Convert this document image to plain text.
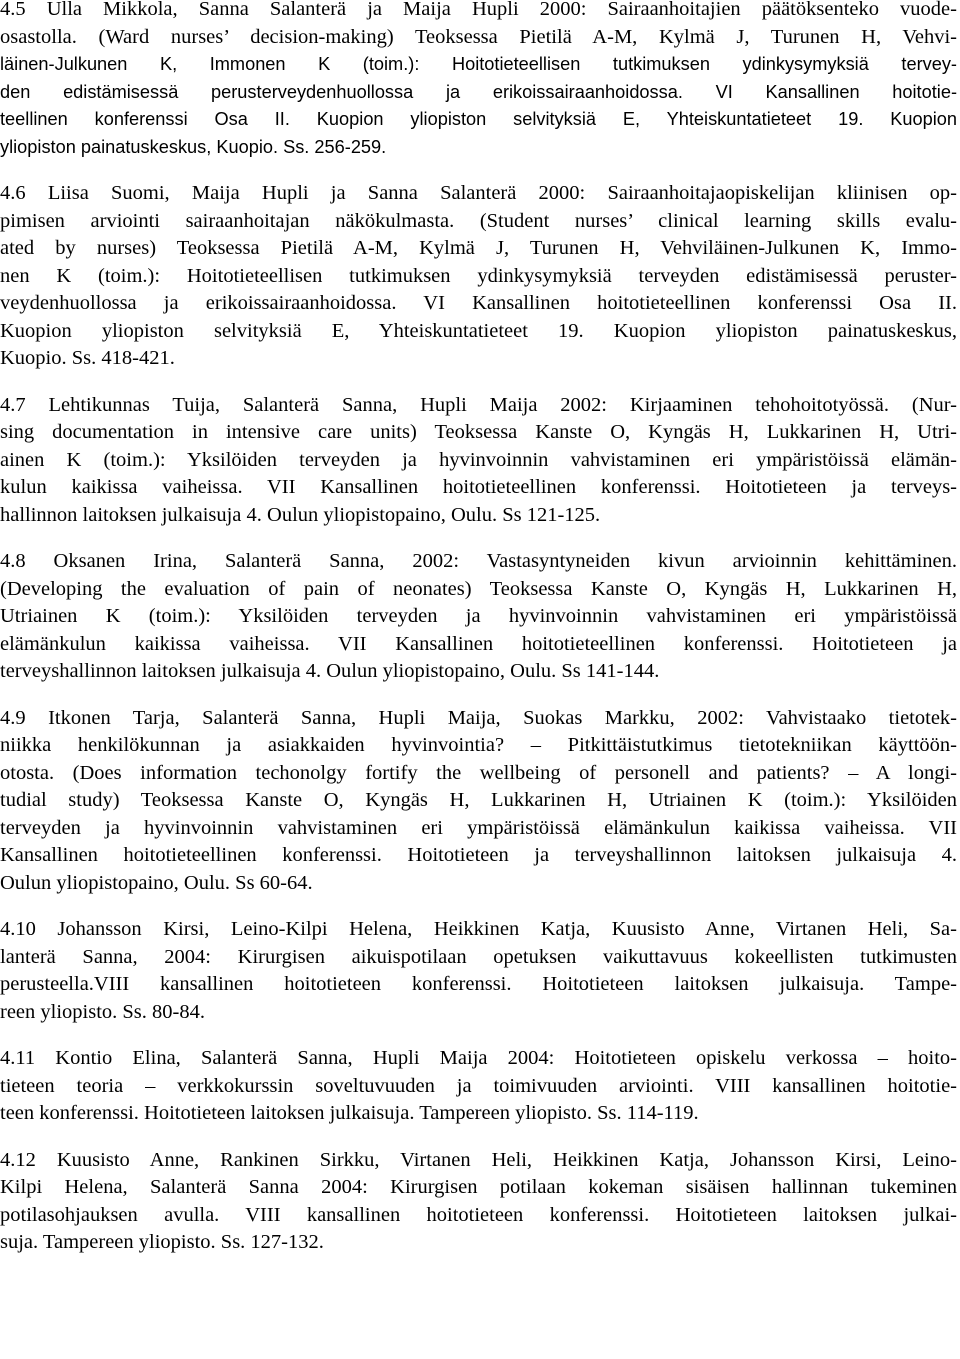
4.5 Ulla Mikkola, Sanna Salanterä ja Maija Hupli 2000: Sairaanhoitajien päätöksenteko vuode-
osastolla. (Ward nurses’ decision-making) Teoksessa Pietilä A-M, Kylmä J, Turunen H, Vehvi-
läinen-Julkunen K, Immonen K (toim.): Hoitotieteellisen tutkimuksen ydinkysymyksiä tervey-
den edistämisessä perusterveydenhuollossa ja erikoissairaanhoidossa. VI Kansallinen hoitotie-
teellinen konferenssi Osa II. Kuopion yliopiston selvityksiä E, Yhteiskuntatieteet 19. Kuopion
yliopiston painatuskeskus, Kuopio. Ss. 256-259.
4.6 Liisa Suomi, Maija Hupli ja Sanna Salanterä 2000: Sairaanhoitajaopiskelijan kliinisen op-
pimisen arviointi sairaanhoitajan näkökulmasta. (Student nurses’ clinical learning skills evalu-
ated by nurses) Teoksessa Pietilä A-M, Kylmä J, Turunen H, Vehviläinen-Julkunen K, Immo-
nen K (toim.): Hoitotieteellisen tutkimuksen ydinkysymyksiä terveyden edistämisessä peruster-
veydenhuollossa ja erikoissairaanhoidossa. VI Kansallinen hoitotieteellinen konferenssi Osa II.
Kuopion yliopiston selvityksiä E, Yhteiskuntatieteet 19. Kuopion yliopiston painatuskeskus,
Kuopio. Ss. 418-421.
4.7 Lehtikunnas Tuija, Salanterä Sanna, Hupli Maija 2002: Kirjaaminen tehohoitotyössä. (Nur-
sing documentation in intensive care units) Teoksessa Kanste O, Kyngäs H, Lukkarinen H, Utri-
ainen K (toim.): Yksilöiden terveyden ja hyvinvoinnin vahvistaminen eri ympäristöissä elämän-
kulun kaikissa vaiheissa. VII Kansallinen hoitotieteellinen konferenssi. Hoitotieteen ja terveys-
hallinnon laitoksen julkaisuja 4. Oulun yliopistopaino, Oulu. Ss 121-125.
4.8 Oksanen Irina, Salanterä Sanna, 2002: Vastasyntyneiden kivun arvioinnin kehittäminen.
(Developing the evaluation of pain of neonates) Teoksessa Kanste O, Kyngäs H, Lukkarinen H,
Utriainen K (toim.): Yksilöiden terveyden ja hyvinvoinnin vahvistaminen eri ympäristöissä
elämänkulun kaikissa vaiheissa. VII Kansallinen hoitotieteellinen konferenssi. Hoitotieteen ja
terveyshallinnon laitoksen julkaisuja 4. Oulun yliopistopaino, Oulu. Ss 141-144.
4.9 Itkonen Tarja, Salanterä Sanna, Hupli Maija, Suokas Markku, 2002: Vahvistaako tietotek-
niikka henkilökunnan ja asiakkaiden hyvinvointia? – Pitkittäistutkimus tietotekniikan käyttöön-
otosta. (Does information techonolgy fortify the wellbeing of personell and patients? – A longi-
tudial study) Teoksessa Kanste O, Kyngäs H, Lukkarinen H, Utriainen K (toim.): Yksilöiden
terveyden ja hyvinvoinnin vahvistaminen eri ympäristöissä elämänkulun kaikissa vaiheissa. VII
Kansallinen hoitotieteellinen konferenssi. Hoitotieteen ja terveyshallinnon laitoksen julkaisuja 4.
Oulun yliopistopaino, Oulu. Ss 60-64.
4.10 Johansson Kirsi, Leino-Kilpi Helena, Heikkinen Katja, Kuusisto Anne, Virtanen Heli, Sa-
lanterä Sanna, 2004: Kirurgisen aikuispotilaan opetuksen vaikuttavuus kokeellisten tutkimusten
perusteella.VIII kansallinen hoitotieteen konferenssi. Hoitotieteen laitoksen julkaisuja. Tampe-
reen yliopisto. Ss. 80-84.
4.11 Kontio Elina, Salanterä Sanna, Hupli Maija 2004: Hoitotieteen opiskelu verkossa – hoito-
tieteen teoria – verkkokurssin soveltuvuuden ja toimivuuden arviointi. VIII kansallinen hoitotie-
teen konferenssi. Hoitotieteen laitoksen julkaisuja. Tampereen yliopisto. Ss. 114-119.
4.12 Kuusisto Anne, Rankinen Sirkku, Virtanen Heli, Heikkinen Katja, Johansson Kirsi, Leino-
Kilpi Helena, Salanterä Sanna 2004: Kirurgisen potilaan kokeman sisäisen hallinnan tukeminen
potilasohjauksen avulla. VIII kansallinen hoitotieteen konferenssi. Hoitotieteen laitoksen julkai-
suja. Tampereen yliopisto. Ss. 127-132.
